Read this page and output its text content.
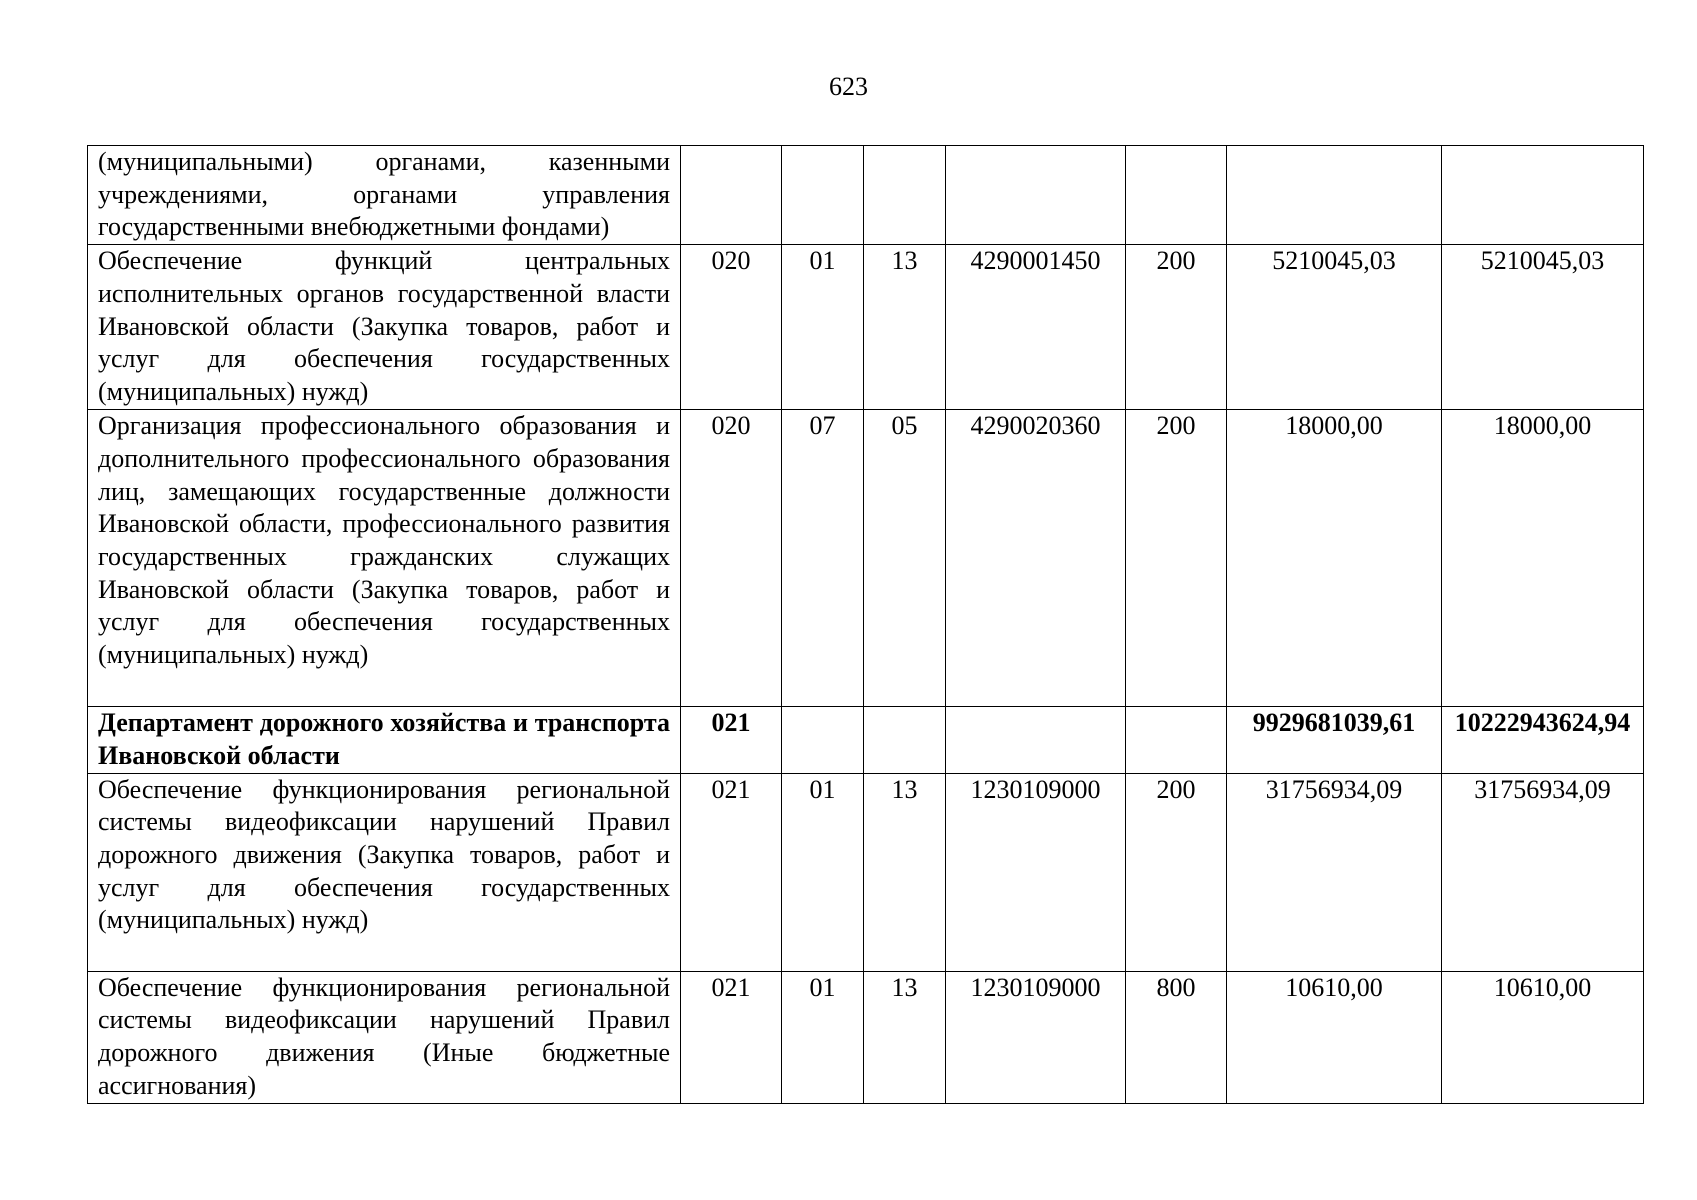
623
(муниципальными) органами, казенными учреждениями, органами управления государственными внебюджетными фондами)							
Обеспечение функций центральных исполнительных органов государственной власти Ивановской области (Закупка товаров, работ и услуг для обеспечения государственных (муниципальных) нужд)	020	01	13	4290001450	200	5210045,03	5210045,03
Организация профессионального образования и дополнительного профессионального образования лиц, замещающих государственные должности Ивановской области, профессионального развития государственных гражданских служащих Ивановской области (Закупка товаров, работ и услуг для обеспечения государственных (муниципальных) нужд)	020	07	05	4290020360	200	18000,00	18000,00
Департамент дорожного хозяйства и транспорта Ивановской области	021					9929681039,61	10222943624,94
Обеспечение функционирования региональной системы видеофиксации нарушений Правил дорожного движения (Закупка товаров, работ и услуг для обеспечения государственных (муниципальных) нужд)	021	01	13	1230109000	200	31756934,09	31756934,09
Обеспечение функционирования региональной системы видеофиксации нарушений Правил дорожного движения (Иные бюджетные ассигнования)	021	01	13	1230109000	800	10610,00	10610,00
